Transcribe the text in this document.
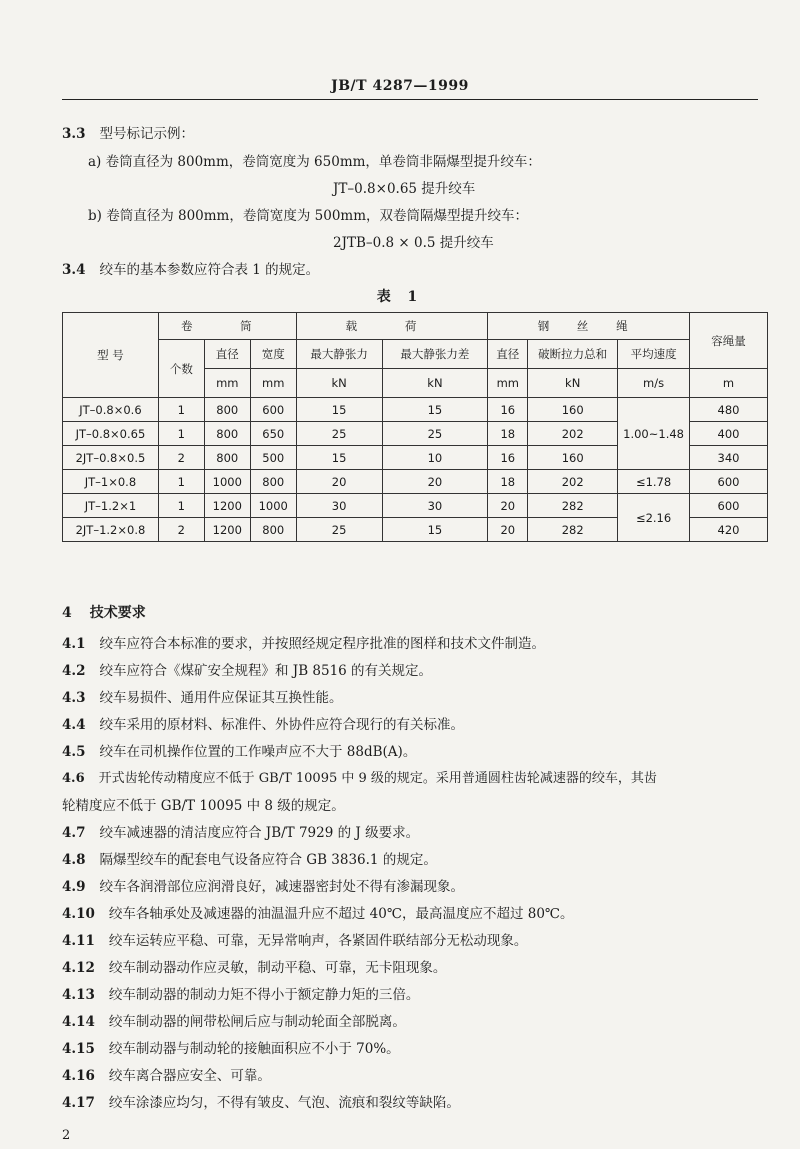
JB/T 4287—1999
3.3 型号标记示例：
a) 卷筒直径为 800mm，卷筒宽度为 650mm，单卷筒非隔爆型提升绞车：
JT–0.8×0.65 提升绞车
b) 卷筒直径为 800mm，卷筒宽度为 500mm，双卷筒隔爆型提升绞车：
2JTB–0.8 × 0.5 提升绞车
3.4 绞车的基本参数应符合表 1 的规定。
表 1
型 号	卷 筒			载 荷		钢 丝 绳			容绳量
	个数	直径	宽度	最大静张力	最大静张力差	直径	破断拉力总和	平均速度	
		mm	mm	kN	kN	mm	kN	m/s	m
JT–0.8×0.6	1	800	600	15	15	16	160	1.00~1.48	480
JT–0.8×0.65	1	800	650	25	25	18	202		400
2JT–0.8×0.5	2	800	500	15	10	16	160		340
JT–1×0.8	1	1000	800	20	20	18	202	≤1.78	600
JT–1.2×1	1	1200	1000	30	30	20	282	≤2.16	600
2JT–1.2×0.8	2	1200	800	25	15	20	282		420
4 技术要求
4.1 绞车应符合本标准的要求，并按照经规定程序批准的图样和技术文件制造。
4.2 绞车应符合《煤矿安全规程》和 JB 8516 的有关规定。
4.3 绞车易损件、通用件应保证其互换性能。
4.4 绞车采用的原材料、标准件、外协件应符合现行的有关标准。
4.5 绞车在司机操作位置的工作噪声应不大于 88dB(A)。
4.6 开式齿轮传动精度应不低于 GB/T 10095 中 9 级的规定。采用普通圆柱齿轮减速器的绞车，其齿
轮精度应不低于 GB/T 10095 中 8 级的规定。
4.7 绞车减速器的清洁度应符合 JB/T 7929 的 J 级要求。
4.8 隔爆型绞车的配套电气设备应符合 GB 3836.1 的规定。
4.9 绞车各润滑部位应润滑良好，减速器密封处不得有渗漏现象。
4.10 绞车各轴承处及减速器的油温温升应不超过 40℃，最高温度应不超过 80℃。
4.11 绞车运转应平稳、可靠，无异常响声，各紧固件联结部分无松动现象。
4.12 绞车制动器动作应灵敏，制动平稳、可靠，无卡阻现象。
4.13 绞车制动器的制动力矩不得小于额定静力矩的三倍。
4.14 绞车制动器的闸带松闸后应与制动轮面全部脱离。
4.15 绞车制动器与制动轮的接触面积应不小于 70%。
4.16 绞车离合器应安全、可靠。
4.17 绞车涂漆应均匀，不得有皱皮、气泡、流痕和裂纹等缺陷。
2
